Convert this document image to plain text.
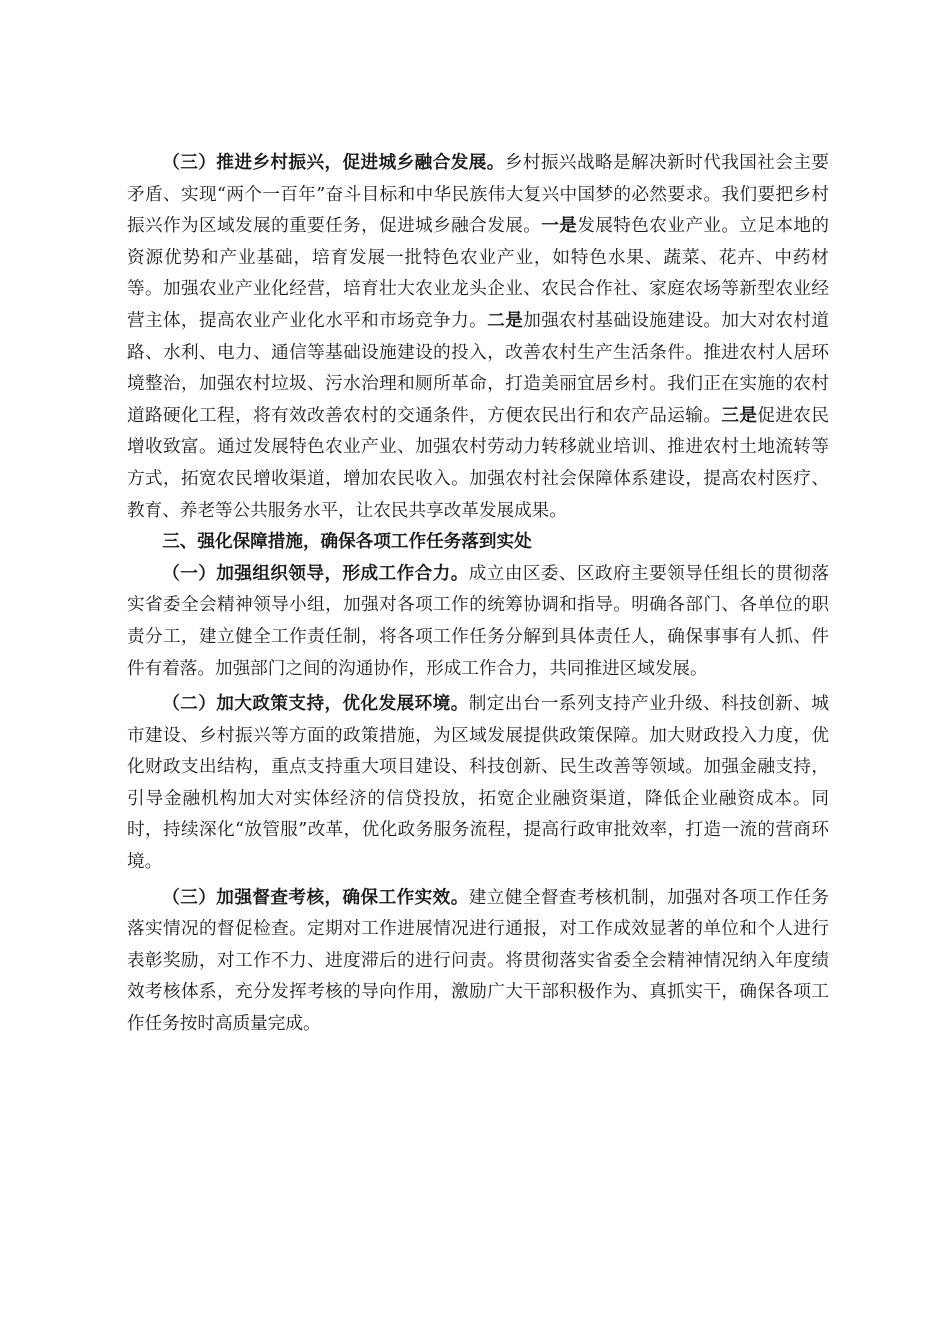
（三）推进乡村振兴，促进城乡融合发展。乡村振兴战略是解决新时代我国社会主要矛盾、实现“两个一百年”奋斗目标和中华民族伟大复兴中国梦的必然要求。我们要把乡村振兴作为区域发展的重要任务，促进城乡融合发展。一是发展特色农业产业。立足本地的资源优势和产业基础，培育发展一批特色农业产业，如特色水果、蔬菜、花卉、中药材等。加强农业产业化经营，培育壮大农业龙头企业、农民合作社、家庭农场等新型农业经营主体，提高农业产业化水平和市场竞争力。二是加强农村基础设施建设。加大对农村道路、水利、电力、通信等基础设施建设的投入，改善农村生产生活条件。推进农村人居环境整治，加强农村垃圾、污水治理和厕所革命，打造美丽宜居乡村。我们正在实施的农村道路硬化工程，将有效改善农村的交通条件，方便农民出行和农产品运输。三是促进农民增收致富。通过发展特色农业产业、加强农村劳动力转移就业培训、推进农村土地流转等方式，拓宽农民增收渠道，增加农民收入。加强农村社会保障体系建设，提高农村医疗、教育、养老等公共服务水平，让农民共享改革发展成果。

三、强化保障措施，确保各项工作任务落到实处

（一）加强组织领导，形成工作合力。成立由区委、区政府主要领导任组长的贯彻落实省委全会精神领导小组，加强对各项工作的统筹协调和指导。明确各部门、各单位的职责分工，建立健全工作责任制，将各项工作任务分解到具体责任人，确保事事有人抓、件件有着落。加强部门之间的沟通协作，形成工作合力，共同推进区域发展。

（二）加大政策支持，优化发展环境。制定出台一系列支持产业升级、科技创新、城市建设、乡村振兴等方面的政策措施，为区域发展提供政策保障。加大财政投入力度，优化财政支出结构，重点支持重大项目建设、科技创新、民生改善等领域。加强金融支持，引导金融机构加大对实体经济的信贷投放，拓宽企业融资渠道，降低企业融资成本。同时，持续深化“放管服”改革，优化政务服务流程，提高行政审批效率，打造一流的营商环境。

（三）加强督查考核，确保工作实效。建立健全督查考核机制，加强对各项工作任务落实情况的督促检查。定期对工作进展情况进行通报，对工作成效显著的单位和个人进行表彰奖励，对工作不力、进度滞后的进行问责。将贯彻落实省委全会精神情况纳入年度绩效考核体系，充分发挥考核的导向作用，激励广大干部积极作为、真抓实干，确保各项工作任务按时高质量完成。
